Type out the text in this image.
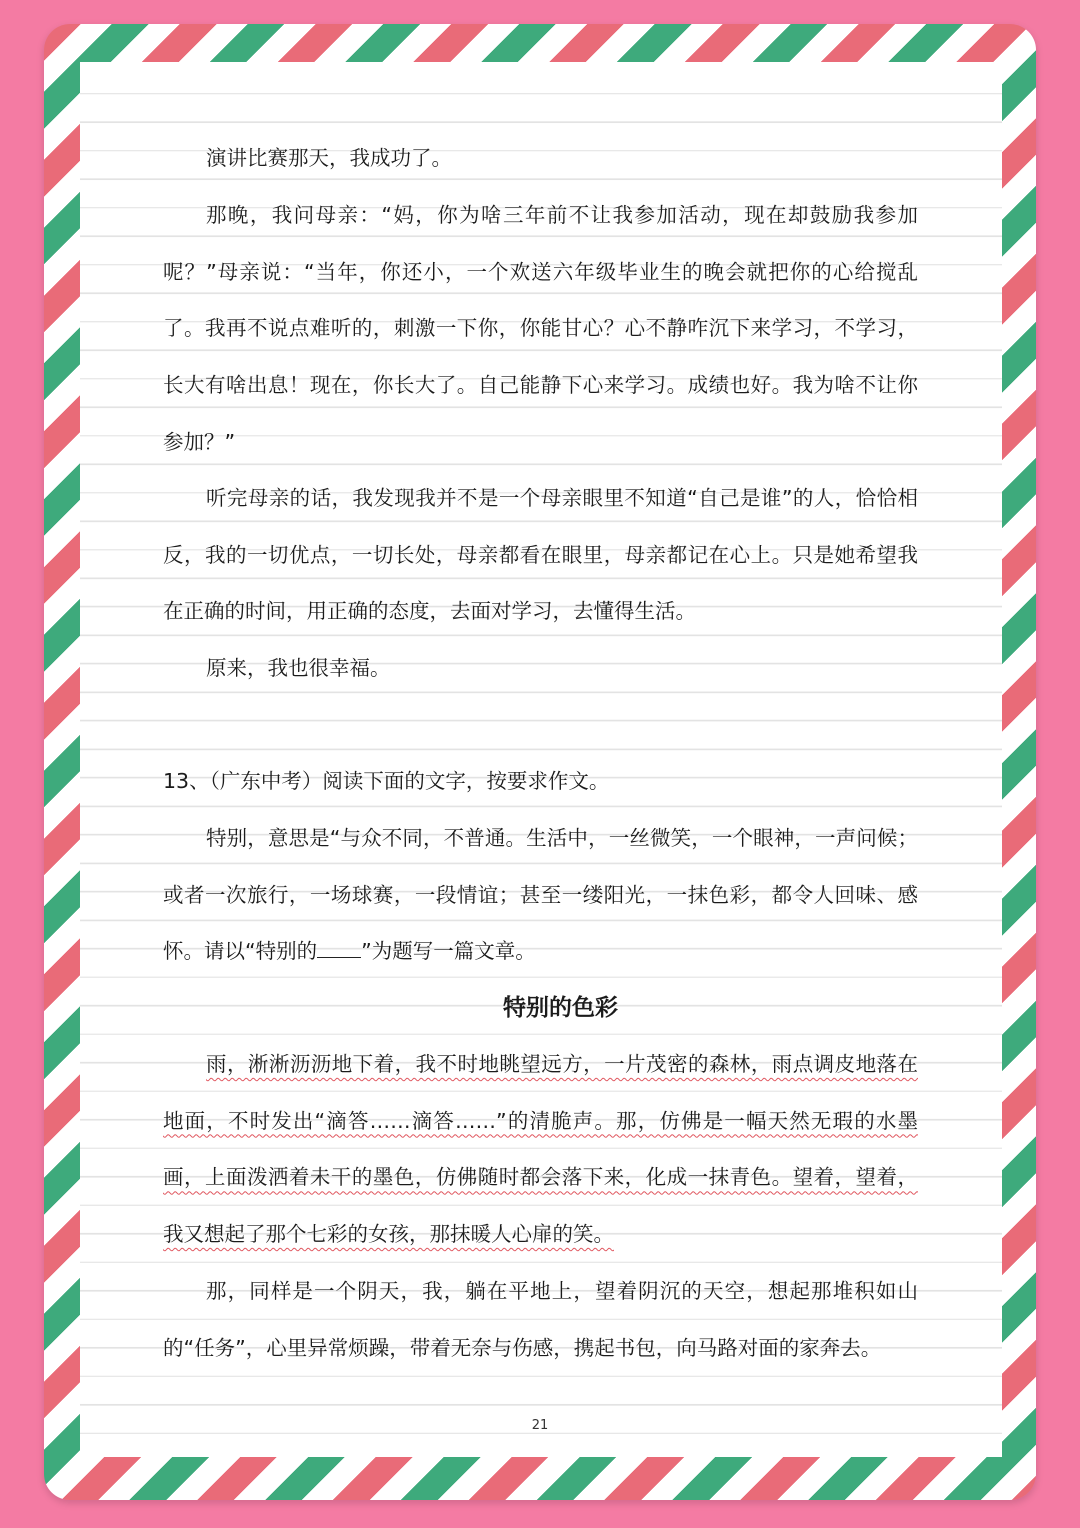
演讲比赛那天，我成功了。

那晚，我问母亲：“妈，你为啥三年前不让我参加活动，现在却鼓励我参加呢？”母亲说：“当年，你还小，一个欢送六年级毕业生的晚会就把你的心给搅乱了。我再不说点难听的，刺激一下你，你能甘心？心不静咋沉下来学习，不学习，长大有啥出息！现在，你长大了。自己能静下心来学习。成绩也好。我为啥不让你参加？”

听完母亲的话，我发现我并不是一个母亲眼里不知道“自己是谁”的人，恰恰相反，我的一切优点，一切长处，母亲都看在眼里，母亲都记在心上。只是她希望我在正确的时间，用正确的态度，去面对学习，去懂得生活。

原来，我也很幸福。

13、（广东中考）阅读下面的文字，按要求作文。

特别，意思是“与众不同，不普通。生活中，一丝微笑，一个眼神，一声问候；或者一次旅行，一场球赛，一段情谊；甚至一缕阳光，一抹色彩，都令人回味、感怀。请以“特别的 ”为题写一篇文章。

特别的色彩

雨，淅淅沥沥地下着，我不时地眺望远方，一片茂密的森林，雨点调皮地落在地面，不时发出“滴答……滴答……”的清脆声。那，仿佛是一幅天然无瑕的水墨画，上面泼洒着未干的墨色，仿佛随时都会落下来，化成一抹青色。望着，望着，我又想起了那个七彩的女孩，那抹暖人心扉的笑。

那，同样是一个阴天，我，躺在平地上，望着阴沉的天空，想起那堆积如山的“任务”，心里异常烦躁，带着无奈与伤感，携起书包，向马路对面的家奔去。

21
